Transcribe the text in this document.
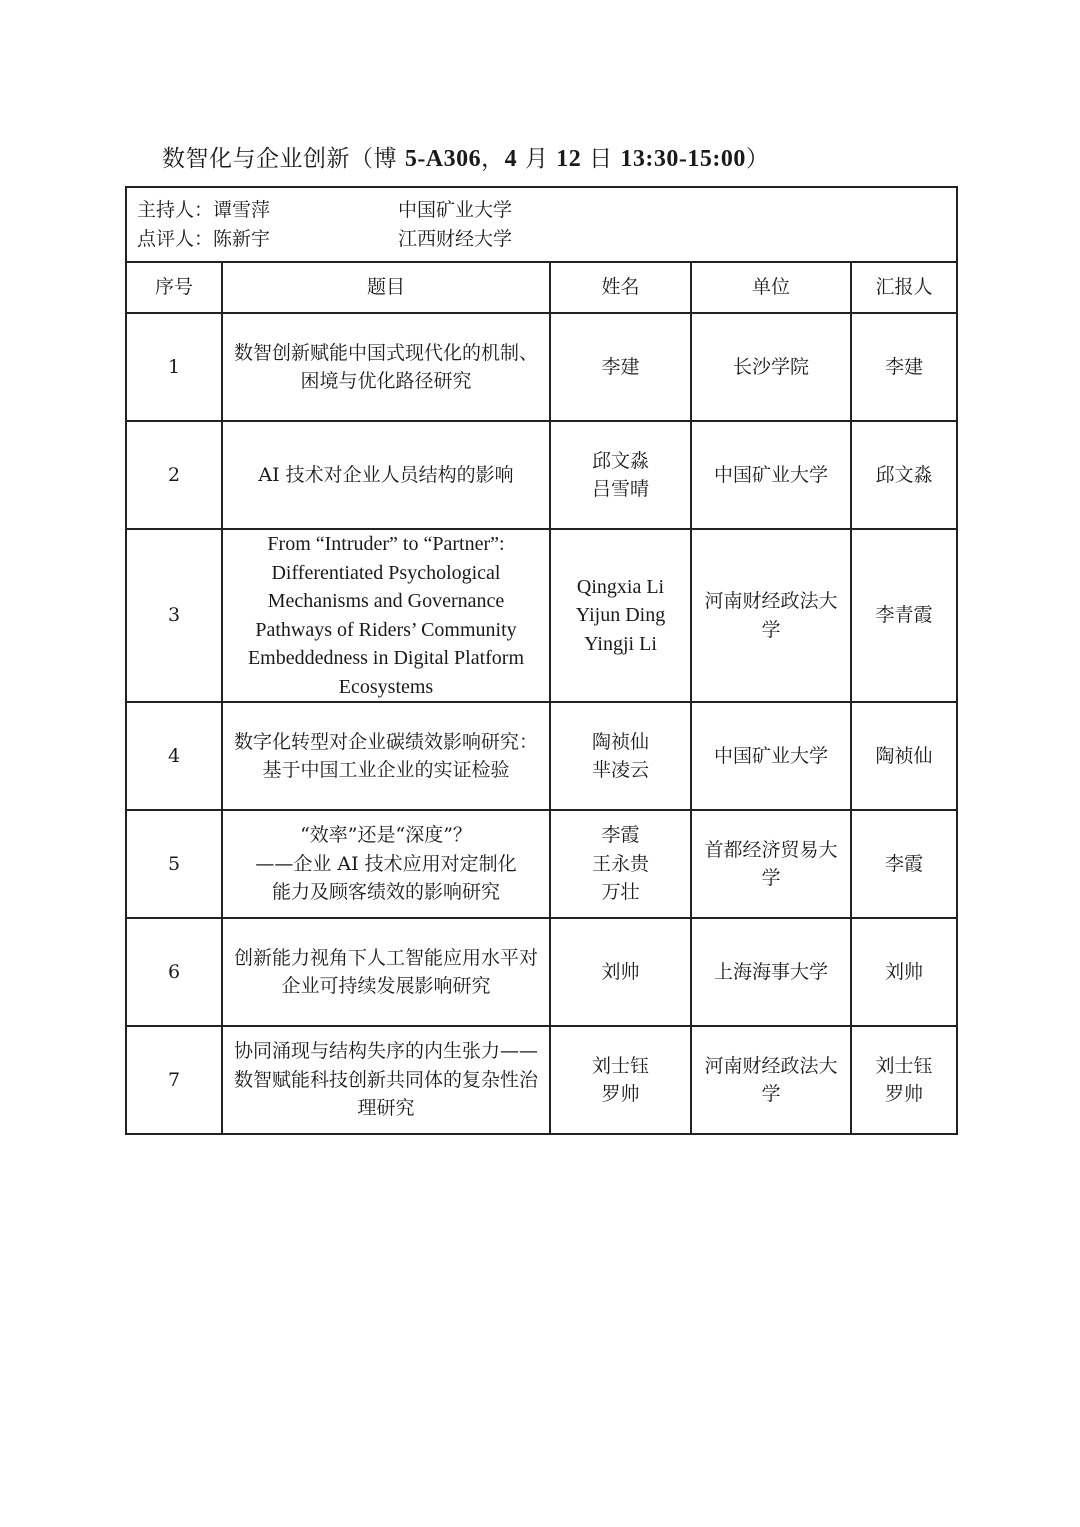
数智化与企业创新（博 5-A306，4 月 12 日 13:30-15:00）
主持人：谭雪萍 中国矿业大学
点评人：陈新宇 江西财经大学				

序号	题目	姓名	单位	汇报人
1	数智创新赋能中国式现代化的机制、困境与优化路径研究	李建	长沙学院	李建

2	AI 技术对企业人员结构的影响	邱文淼
吕雪晴	中国矿业大学	邱文淼

3	From “Intruder” to “Partner”: Differentiated Psychological Mechanisms and Governance Pathways of Riders’ Community Embeddedness in Digital Platform Ecosystems	Qingxia Li
Yijun Ding
Yingji Li	河南财经政法大学	李青霞

4	数字化转型对企业碳绩效影响研究：基于中国工业企业的实证检验	陶祯仙
芈凌云	中国矿业大学	陶祯仙

5	“效率”还是“深度”？
——企业 AI 技术应用对定制化
能力及顾客绩效的影响研究	李霞
王永贵
万壮	首都经济贸易大学	李霞

6	创新能力视角下人工智能应用水平对企业可持续发展影响研究	刘帅	上海海事大学	刘帅

7	协同涌现与结构失序的内生张力——数智赋能科技创新共同体的复杂性治理研究	刘士钰
罗帅	河南财经政法大学	刘士钰
罗帅
